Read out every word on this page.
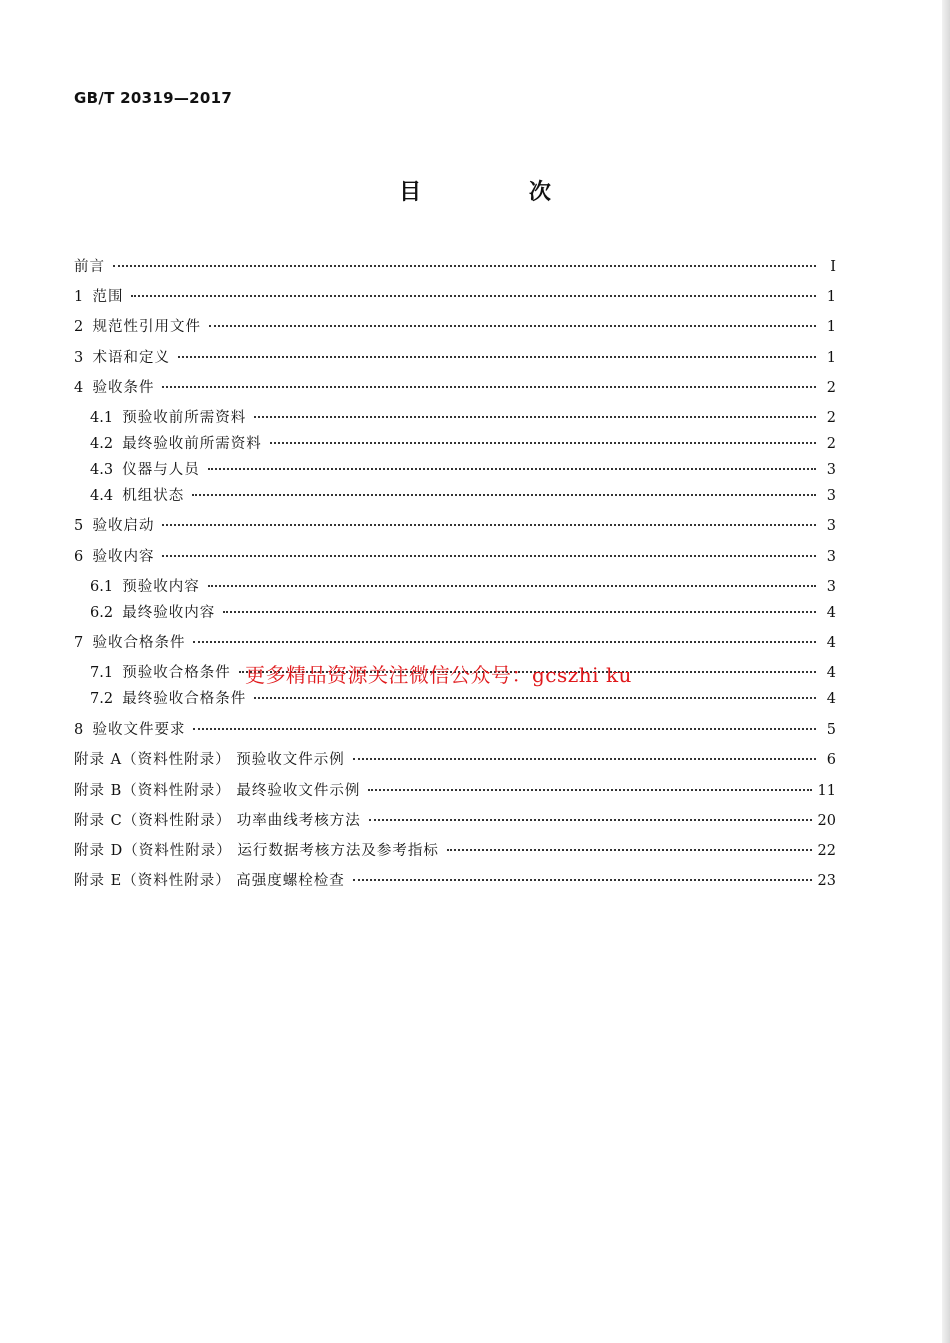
GB/T 20319—2017
目 次
前言	Ⅰ
1 范围	1
2 规范性引用文件	1
3 术语和定义	1
4 验收条件	2
4.1 预验收前所需资料	2
4.2 最终验收前所需资料	2
4.3 仪器与人员	3
4.4 机组状态	3
5 验收启动	3
6 验收内容	3
6.1 预验收内容	3
6.2 最终验收内容	4
7 验收合格条件	4
7.1 预验收合格条件	4
7.2 最终验收合格条件	4
8 验收文件要求	5
附录 A（资料性附录） 预验收文件示例	6
附录 B（资料性附录） 最终验收文件示例	11
附录 C（资料性附录） 功率曲线考核方法	20
附录 D（资料性附录） 运行数据考核方法及参考指标	22
附录 E（资料性附录） 高强度螺栓检查	23
更多精品资源关注微信公众号：gcszhi ku
